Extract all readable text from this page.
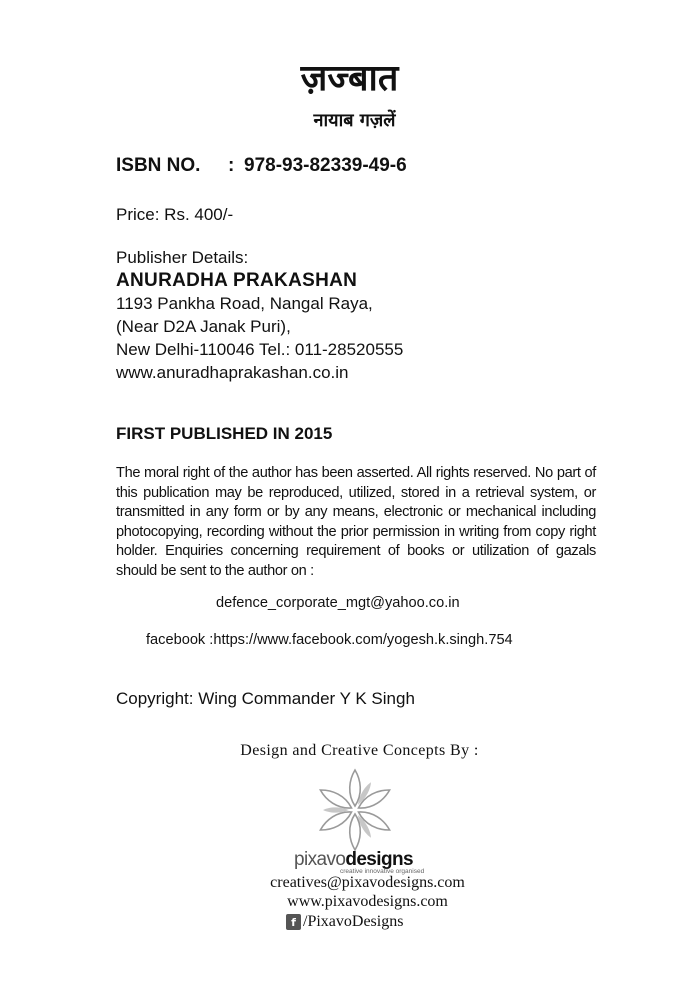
ज़ज्बात
नायाब गज़लें
ISBN NO. : 978-93-82339-49-6
Price: Rs. 400/-
Publisher Details:
ANURADHA PRAKASHAN
1193 Pankha Road, Nangal Raya,
(Near D2A Janak Puri),
New Delhi-110046 Tel.: 011-28520555
www.anuradhaprakashan.co.in
FIRST PUBLISHED IN 2015
The moral right of the author has been asserted. All rights reserved. No part of this publication may be reproduced, utilized, stored in a retrieval system, or transmitted in any form or by any means, electronic or mechanical including photocopying, recording without the prior permission in writing from copy right holder. Enquiries concerning requirement of books or utilization of gazals should be sent to the author on :
defence_corporate_mgt@yahoo.co.in
facebook :https://www.facebook.com/yogesh.k.singh.754
Copyright: Wing Commander Y K Singh
Design and Creative Concepts By :
pixavodesigns
creative innovative organised
creatives@pixavodesigns.com
www.pixavodesigns.com
f /PixavoDesigns
